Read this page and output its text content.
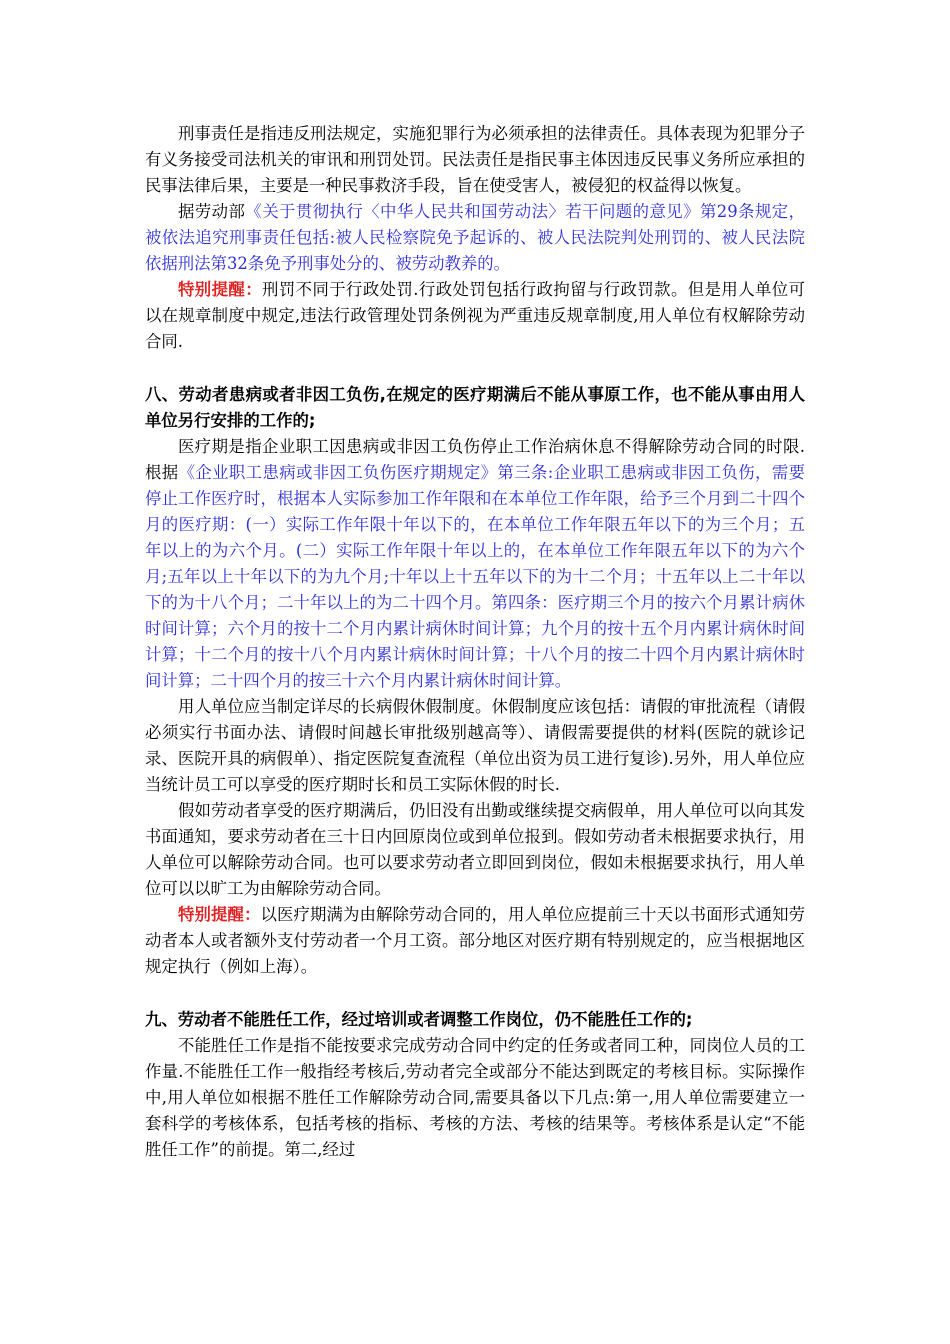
刑事责任是指违反刑法规定，实施犯罪行为必须承担的法律责任。具体表现为犯罪分子有义务接受司法机关的审讯和刑罚处罚。民法责任是指民事主体因违反民事义务所应承担的民事法律后果，主要是一种民事救济手段，旨在使受害人，被侵犯的权益得以恢复。

据劳动部《关于贯彻执行〈中华人民共和国劳动法〉若干问题的意见》第29条规定，被依法追究刑事责任包括:被人民检察院免予起诉的、被人民法院判处刑罚的、被人民法院依据刑法第32条免予刑事处分的、被劳动教养的。

特别提醒：刑罚不同于行政处罚.行政处罚包括行政拘留与行政罚款。但是用人单位可以在规章制度中规定,违法行政管理处罚条例视为严重违反规章制度,用人单位有权解除劳动合同.

八、劳动者患病或者非因工负伤,在规定的医疗期满后不能从事原工作，也不能从事由用人单位另行安排的工作的;

医疗期是指企业职工因患病或非因工负伤停止工作治病休息不得解除劳动合同的时限.根据《企业职工患病或非因工负伤医疗期规定》第三条:企业职工患病或非因工负伤，需要停止工作医疗时，根据本人实际参加工作年限和在本单位工作年限，给予三个月到二十四个月的医疗期：(一）实际工作年限十年以下的，在本单位工作年限五年以下的为三个月；五年以上的为六个月。(二）实际工作年限十年以上的，在本单位工作年限五年以下的为六个月;五年以上十年以下的为九个月;十年以上十五年以下的为十二个月；十五年以上二十年以下的为十八个月；二十年以上的为二十四个月。第四条：医疗期三个月的按六个月累计病休时间计算；六个月的按十二个月内累计病休时间计算；九个月的按十五个月内累计病休时间计算；十二个月的按十八个月内累计病休时间计算；十八个月的按二十四个月内累计病休时间计算；二十四个月的按三十六个月内累计病休时间计算。

用人单位应当制定详尽的长病假休假制度。休假制度应该包括：请假的审批流程（请假必须实行书面办法、请假时间越长审批级别越高等）、请假需要提供的材料(医院的就诊记录、医院开具的病假单）、指定医院复查流程（单位出资为员工进行复诊).另外，用人单位应当统计员工可以享受的医疗期时长和员工实际休假的时长.

假如劳动者享受的医疗期满后，仍旧没有出勤或继续提交病假单，用人单位可以向其发书面通知，要求劳动者在三十日内回原岗位或到单位报到。假如劳动者未根据要求执行，用人单位可以解除劳动合同。也可以要求劳动者立即回到岗位，假如未根据要求执行，用人单位可以以旷工为由解除劳动合同。

特别提醒：以医疗期满为由解除劳动合同的，用人单位应提前三十天以书面形式通知劳动者本人或者额外支付劳动者一个月工资。部分地区对医疗期有特别规定的，应当根据地区规定执行（例如上海）。

九、劳动者不能胜任工作，经过培训或者调整工作岗位，仍不能胜任工作的;

不能胜任工作是指不能按要求完成劳动合同中约定的任务或者同工种，同岗位人员的工作量.不能胜任工作一般指经考核后,劳动者完全或部分不能达到既定的考核目标。实际操作中,用人单位如根据不胜任工作解除劳动合同,需要具备以下几点:第一,用人单位需要建立一套科学的考核体系，包括考核的指标、考核的方法、考核的结果等。考核体系是认定“不能胜任工作”的前提。第二,经过
